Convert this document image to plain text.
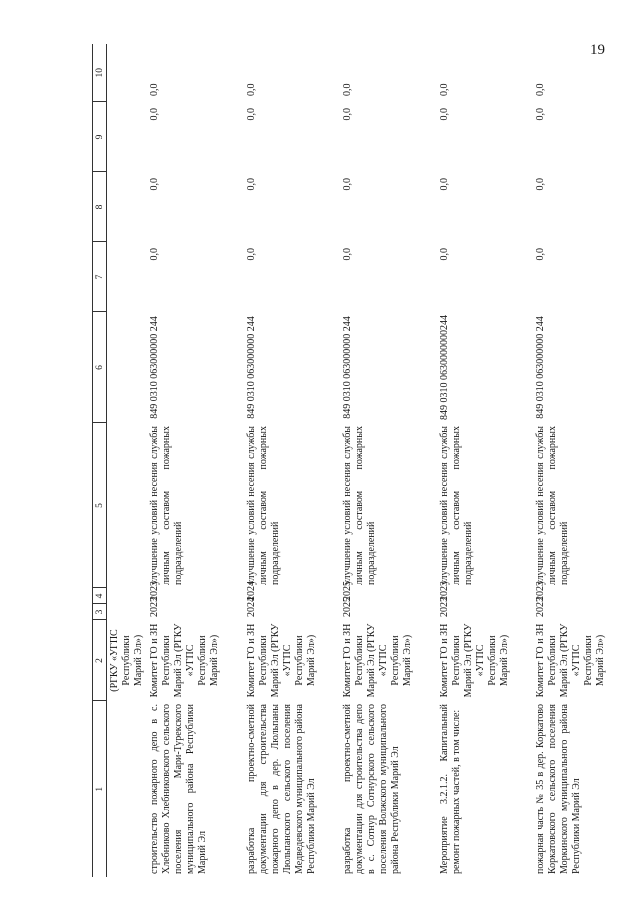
19
1	2	3	4	5	6	7	8	9	10
	(РГКУ «УГПС Республики Марий Эл»)								
строительство пожарного депо в с. Хлебниково Хлебниковского сельского поселения Мари-Турекского муниципального района Республики Марий Эл	Комитет ГО и ЗН Республики Марий Эл (РГКУ «УГПС Республики Марий Эл»)	2023	2023	улучшение условий несения службы личным составом пожарных подразделений	849 0310 063000000 244	0,0	0,0	0,0	0,0
разработка проектно-сметной документации для строительства пожарного депо в дер. Люльпаны Люльпанского сельского поселения Медведевского муниципального района Республики Марий Эл	Комитет ГО и ЗН Республики Марий Эл (РГКУ «УГПС Республики Марий Эл»)	2024	2024	улучшение условий несения службы личным составом пожарных подразделений	849 0310 063000000 244	0,0	0,0	0,0	0,0
разработка проектно-сметной документации для строительства депо в с. Сотнур Сотнурского сельского поселения Волжского муниципального района Республики Марий Эл	Комитет ГО и ЗН Республики Марий Эл (РГКУ «УГПС Республики Марий Эл»)	2025	2025	улучшение условий несения службы личным составом пожарных подразделений	849 0310 063000000 244	0,0	0,0	0,0	0,0
Мероприятие 3.2.1.2. Капитальный ремонт пожарных частей, в том числе:	Комитет ГО и ЗН Республики Марий Эл (РГКУ «УГПС Республики Марий Эл»)	2023	2023	улучшение условий несения службы личным составом пожарных подразделений	849 0310 0630000000244	0,0	0,0	0,0	0,0
пожарная часть № 35 в дер. Коркатово Коркатовского сельского поселения Моркинского муниципального района Республики Марий Эл	Комитет ГО и ЗН Республики Марий Эл (РГКУ «УГПС Республики Марий Эл»)	2023	2023	улучшение условий несения службы личным составом пожарных подразделений	849 0310 063000000 244	0,0	0,0	0,0	0,0
